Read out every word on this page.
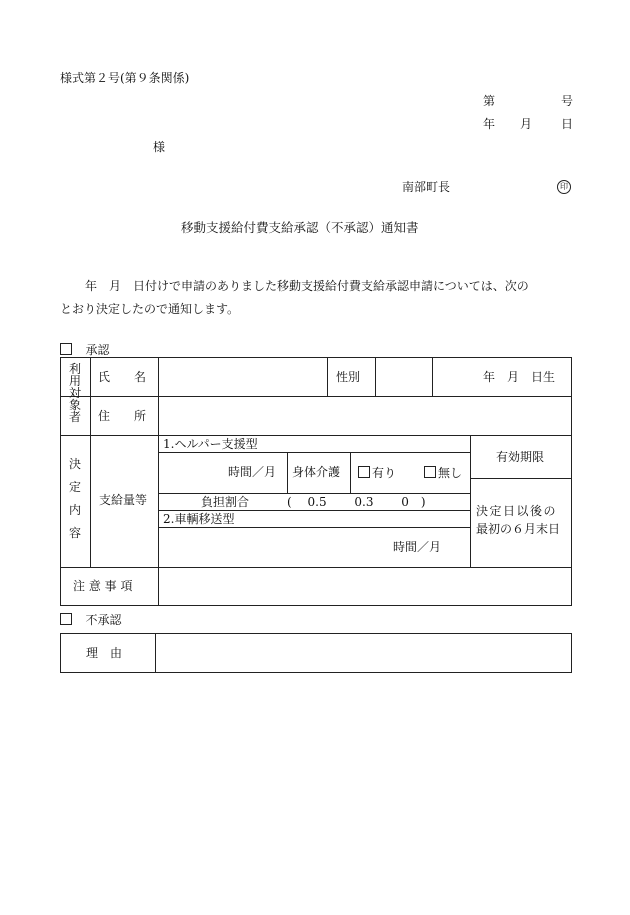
様式第２号(第９条関係)
第	号
年 月 日
様
南部町長	印
移動支援給付費支給承認（不承認）通知書
年　月　日付けで申請のありました移動支援給付費支給承認申請については、次の
とおり決定したので通知します。
承認
利
用
対
象
者
氏　　名	性別	年　月　日生
住　　所
決
定
内
容
支給量等
1.ヘルパー支援型
時間／月 身体介護	有り	無し
負担割合	(　 0.5　　 0.3　　 0　)
2.車輌移送型
時間／月
有効期限
決定日以後の
最初の６月末日
注 意 事 項
不承認
理　由
